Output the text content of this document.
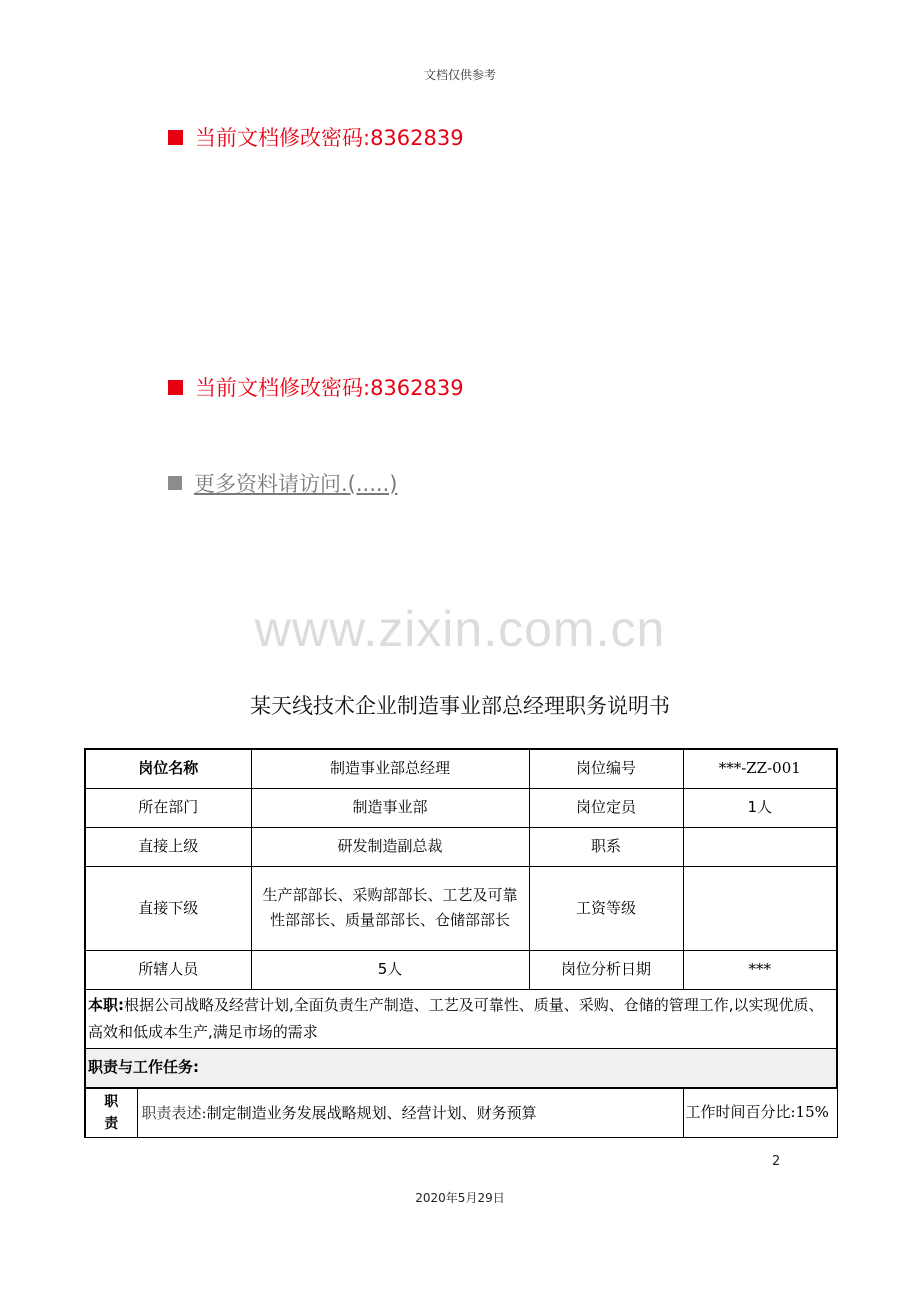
文档仅供参考
当前文档修改密码:8362839
当前文档修改密码:8362839
更多资料请访问.(.....)
www.zixin.com.cn
某天线技术企业制造事业部总经理职务说明书
岗位名称	制造事业部总经理	岗位编号	***-ZZ-001
所在部门	制造事业部	岗位定员	1人
直接上级	研发制造副总裁	职系	
直接下级	生产部部长、采购部部长、工艺及可靠性部部长、质量部部长、仓储部部长	工资等级	
所辖人员	5人	岗位分析日期	***
本职:根据公司战略及经营计划,全面负责生产制造、工艺及可靠性、质量、采购、仓储的管理工作,以实现优质、高效和低成本生产,满足市场的需求			
职责与工作任务:			
职责	职责表述:制定制造业务发展战略规划、经营计划、财务预算	工作时间百分比:15%
2
2020年5月29日
